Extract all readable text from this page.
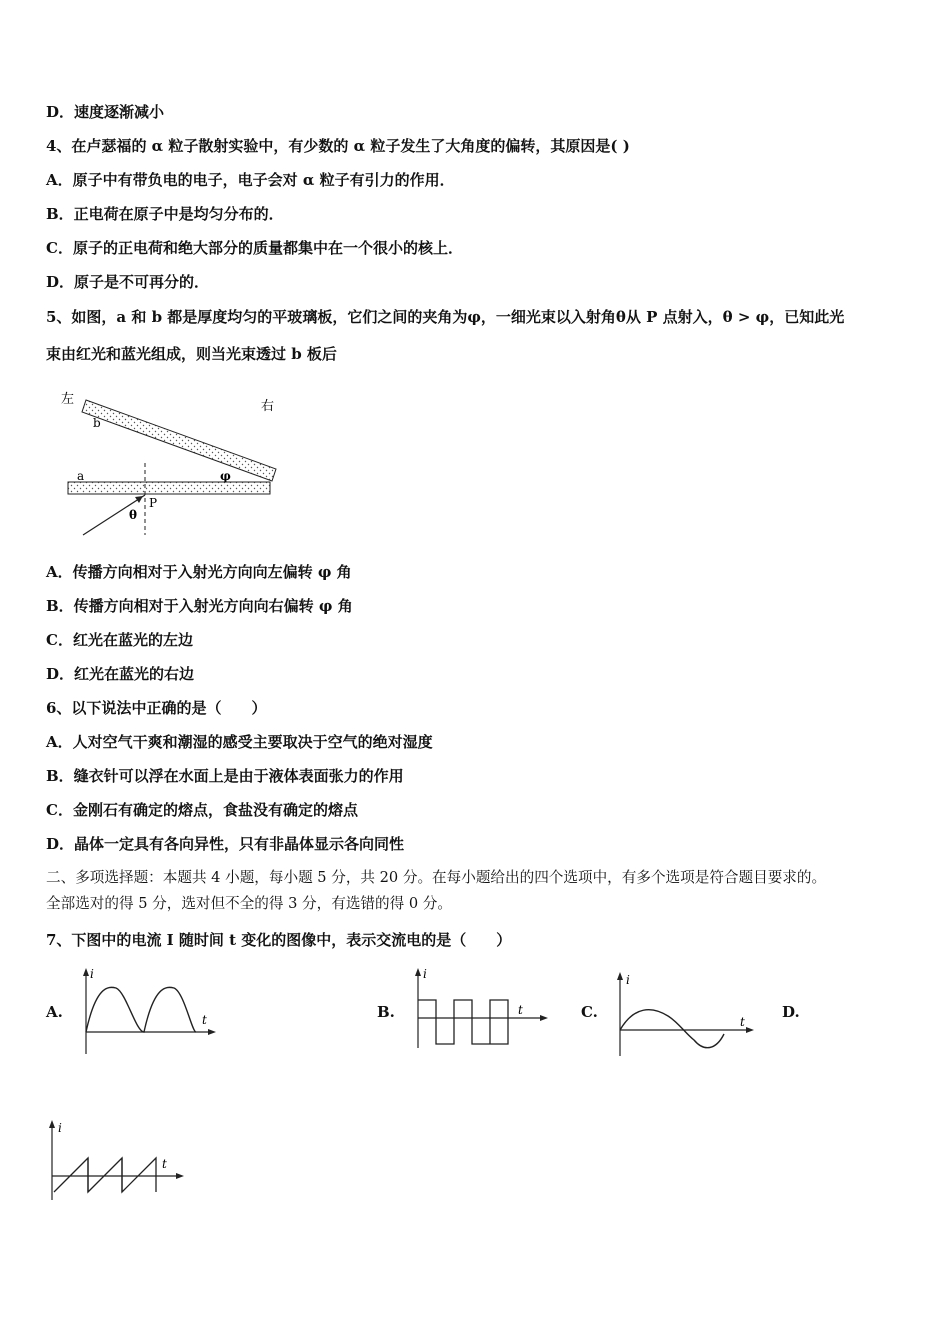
D．速度逐渐减小
4、在卢瑟福的 α 粒子散射实验中，有少数的 α 粒子发生了大角度的偏转，其原因是( )
A．原子中有带负电的电子，电子会对 α 粒子有引力的作用．
B．正电荷在原子中是均匀分布的．
C．原子的正电荷和绝大部分的质量都集中在一个很小的核上．
D．原子是不可再分的．
5、如图，a 和 b 都是厚度均匀的平玻璃板，它们之间的夹角为φ，一细光束以入射角θ从 P 点射入，θ > φ，已知此光
束由红光和蓝光组成，则当光束透过 b 板后
左	右
b
a	φ
θ
P
A．传播方向相对于入射光方向向左偏转 φ 角
B．传播方向相对于入射光方向向右偏转 φ 角
C．红光在蓝光的左边
D．红光在蓝光的右边
6、以下说法中正确的是（　　）
A．人对空气干爽和潮湿的感受主要取决于空气的绝对湿度
B．缝衣针可以浮在水面上是由于液体表面张力的作用
C．金刚石有确定的熔点，食盐没有确定的熔点
D．晶体一定具有各向异性，只有非晶体显示各向同性
二、多项选择题：本题共 4 小题，每小题 5 分，共 20 分。在每小题给出的四个选项中，有多个选项是符合题目要求的。
全部选对的得 5 分，选对但不全的得 3 分，有选错的得 0 分。
7、下图中的电流 I 随时间 t 变化的图像中，表示交流电的是（　　）
A.	B.	C.	D.
i
t
i
t
i
t
i
t
